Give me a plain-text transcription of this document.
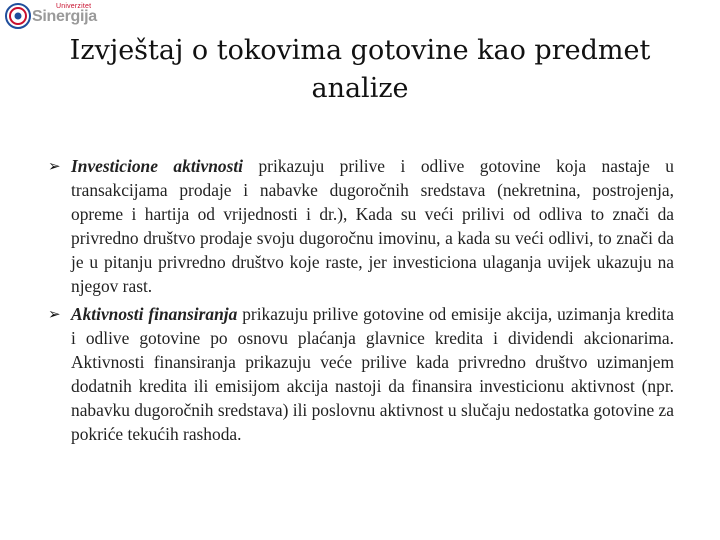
Univerzitet
Sinergija
Izvještaj o tokovima gotovine kao predmet analize
➢ Investicione aktivnosti prikazuju prilive i odlive gotovine koja nastaje u transakcijama prodaje i nabavke dugoročnih sredstava (nekretnina, postrojenja, opreme i hartija od vrijednosti i dr.), Kada su veći prilivi od odliva to znači da privredno društvo prodaje svoju dugoročnu imovinu, a kada su veći odlivi, to znači da je u pitanju privredno društvo koje raste, jer investiciona ulaganja uvijek ukazuju na njegov rast.
➢ Aktivnosti finansiranja prikazuju prilive gotovine od emisije akcija, uzimanja kredita i odlive gotovine po osnovu plaćanja glavnice kredita i dividendi akcionarima. Aktivnosti finansiranja prikazuju veće prilive kada privredno društvo uzimanjem dodatnih kredita ili emisijom akcija nastoji da finansira investicionu aktivnost (npr. nabavku dugoročnih sredstava) ili poslovnu aktivnost u slučaju nedostatka gotovine za pokriće tekućih rashoda.
